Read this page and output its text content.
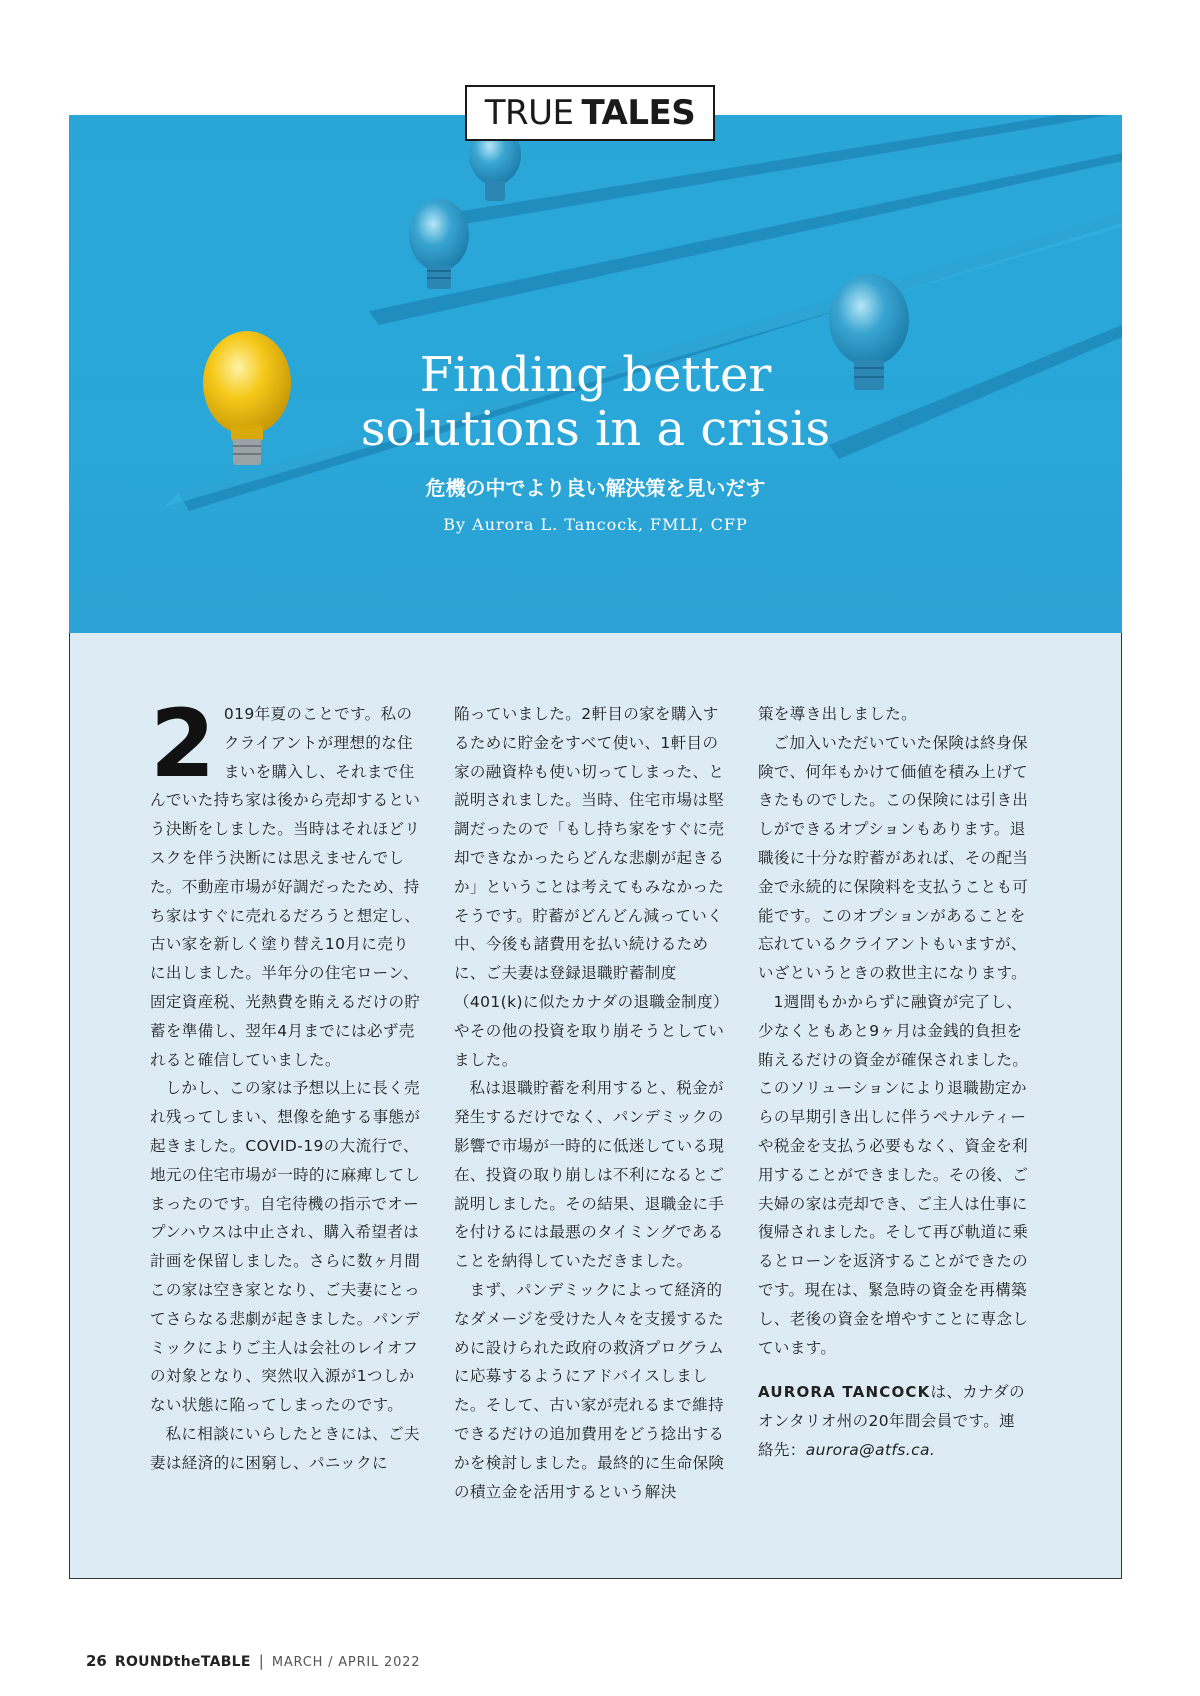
TRUE TALES
Finding better
solutions in a crisis
危機の中でより良い解決策を見いだす
By Aurora L. Tancock, FMLI, CFP

2 019年夏のことです。私のクライアントが理想的な住まいを購入し、それまで住んでいた持ち家は後から売却するという決断をしました。当時はそれほどリスクを伴う決断には思えませんでした。不動産市場が好調だったため、持ち家はすぐに売れるだろうと想定し、古い家を新しく塗り替え10月に売りに出しました。半年分の住宅ローン、固定資産税、光熱費を賄えるだけの貯蓄を準備し、翌年4月までには必ず売れると確信していました。

しかし、この家は予想以上に長く売れ残ってしまい、想像を絶する事態が起きました。COVID-19の大流行で、地元の住宅市場が一時的に麻痺してしまったのです。自宅待機の指示でオープンハウスは中止され、購入希望者は計画を保留しました。さらに数ヶ月間この家は空き家となり、ご夫妻にとってさらなる悲劇が起きました。パンデミックによりご主人は会社のレイオフの対象となり、突然収入源が1つしかない状態に陥ってしまったのです。

私に相談にいらしたときには、ご夫妻は経済的に困窮し、パニックに

陥っていました。2軒目の家を購入するために貯金をすべて使い、1軒目の家の融資枠も使い切ってしまった、と説明されました。当時、住宅市場は堅調だったので「もし持ち家をすぐに売却できなかったらどんな悲劇が起きるか」ということは考えてもみなかったそうです。貯蓄がどんどん減っていく中、今後も諸費用を払い続けるために、ご夫妻は登録退職貯蓄制度（401(k)に似たカナダの退職金制度）やその他の投資を取り崩そうとしていました。

私は退職貯蓄を利用すると、税金が発生するだけでなく、パンデミックの影響で市場が一時的に低迷している現在、投資の取り崩しは不利になるとご説明しました。その結果、退職金に手を付けるには最悪のタイミングであることを納得していただきました。

まず、パンデミックによって経済的なダメージを受けた人々を支援するために設けられた政府の救済プログラムに応募するようにアドバイスしました。そして、古い家が売れるまで維持できるだけの追加費用をどう捻出するかを検討しました。最終的に生命保険の積立金を活用するという解決

策を導き出しました。

ご加入いただいていた保険は終身保険で、何年もかけて価値を積み上げてきたものでした。この保険には引き出しができるオプションもあります。退職後に十分な貯蓄があれば、その配当金で永続的に保険料を支払うことも可能です。このオプションがあることを忘れているクライアントもいますが、いざというときの救世主になります。

1週間もかからずに融資が完了し、少なくともあと9ヶ月は金銭的負担を賄えるだけの資金が確保されました。このソリューションにより退職勘定からの早期引き出しに伴うペナルティーや税金を支払う必要もなく、資金を利用することができました。その後、ご夫婦の家は売却でき、ご主人は仕事に復帰されました。そして再び軌道に乗るとローンを返済することができたのです。現在は、緊急時の資金を再構築し、老後の資金を増やすことに専念しています。

AURORA TANCOCKは、カナダのオンタリオ州の20年間会員です。連絡先：aurora@atfs.ca.

26 ROUNDtheTABLE | MARCH / APRIL 2022
